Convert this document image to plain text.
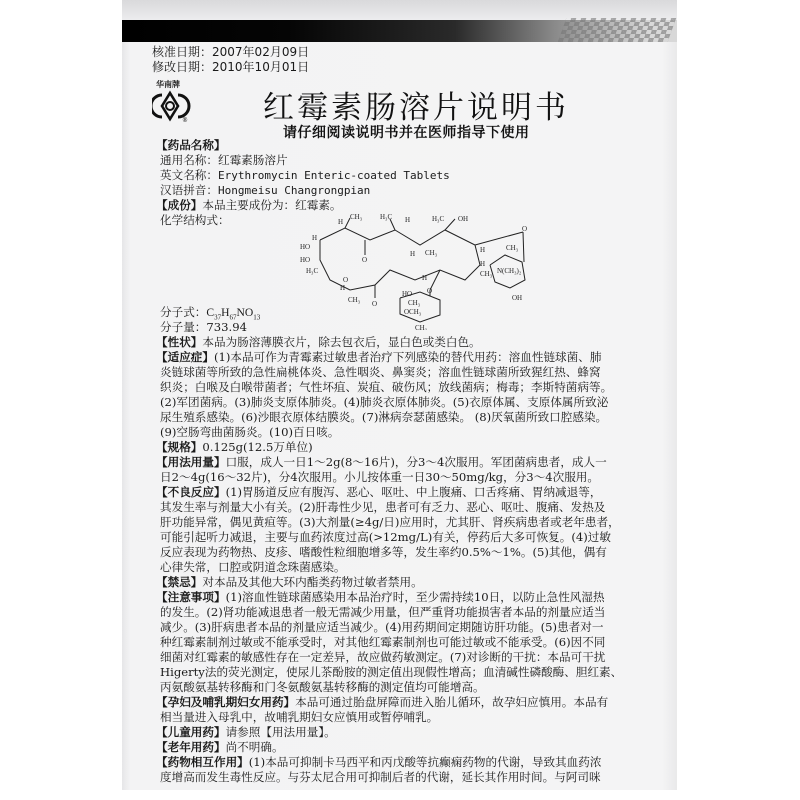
核准日期：2007年02月09日
修改日期：2010年10月01日
华南牌
® 红霉素肠溶片说明书
请仔细阅读说明书并在医师指导下使用
【药品名称】
通用名称：红霉素肠溶片
英文名称：Erythromycin Enteric-coated Tablets
汉语拼音：Hongmeisu Changrongpian
【成份】本品主要成份为：红霉素。
化学结构式：	H
CH₃	H₃C H	H₃C OH
H
HO
HO
H₃C
O
O
O
H
CH₃
H CH₃
H
O
H
H
CH₃
CH₃
N(CH₃)₂
OH
O
HO
CH₃
OCH₃
CH₃
分子式：$C_{37}H_{67}NO_{13}$
分子量：733.94
【性状】本品为肠溶薄膜衣片，除去包衣后，显白色或类白色。
【适应症】(1)本品可作为青霉素过敏患者治疗下列感染的替代用药：溶血性链球菌、肺
炎链球菌等所致的急性扁桃体炎、急性咽炎、鼻窦炎；溶血性链球菌所致猩红热、蜂窝
织炎；白喉及白喉带菌者；气性坏疽、炭疽、破伤风；放线菌病；梅毒；李斯特菌病等。
(2)军团菌病。(3)肺炎支原体肺炎。(4)肺炎衣原体肺炎。(5)衣原体属、支原体属所致泌
尿生殖系感染。(6)沙眼衣原体结膜炎。(7)淋病奈瑟菌感染。 (8)厌氧菌所致口腔感染。
(9)空肠弯曲菌肠炎。(10)百日咳。
【规格】0.125g(12.5万单位)
【用法用量】口服，成人一日1～2g(8～16片)，分3～4次服用。军团菌病患者，成人一
日2～4g(16～32片)，分4次服用。小儿按体重一日30～50mg/kg，分3～4次服用。
【不良反应】(1)胃肠道反应有腹泻、恶心、呕吐、中上腹痛、口舌疼痛、胃纳减退等，
其发生率与剂量大小有关。(2)肝毒性少见，患者可有乏力、恶心、呕吐、腹痛、发热及
肝功能异常，偶见黄疸等。(3)大剂量(≥4g/日)应用时，尤其肝、肾疾病患者或老年患者，
可能引起听力减退，主要与血药浓度过高(>12mg/L)有关，停药后大多可恢复。(4)过敏
反应表现为药物热、皮疹、嗜酸性粒细胞增多等，发生率约0.5%～1%。(5)其他，偶有
心律失常，口腔或阴道念珠菌感染。
【禁忌】对本品及其他大环内酯类药物过敏者禁用。
【注意事项】(1)溶血性链球菌感染用本品治疗时，至少需持续10日，以防止急性风湿热
的发生。(2)肾功能减退患者一般无需减少用量，但严重肾功能损害者本品的剂量应适当
减少。(3)肝病患者本品的剂量应适当减少。(4)用药期间定期随访肝功能。(5)患者对一
种红霉素制剂过敏或不能承受时，对其他红霉素制剂也可能过敏或不能承受。(6)因不同
细菌对红霉素的敏感性存在一定差异，故应做药敏测定。(7)对诊断的干扰：本品可干扰
Higerty法的荧光测定，使尿儿茶酚胺的测定值出现假性增高；血清碱性磷酸酶、胆红素、
丙氨酸氨基转移酶和门冬氨酸氨基转移酶的测定值均可能增高。
【孕妇及哺乳期妇女用药】本品可通过胎盘屏障而进入胎儿循环，故孕妇应慎用。本品有
相当量进入母乳中，故哺乳期妇女应慎用或暂停哺乳。
【儿童用药】请参照【用法用量】。
【老年用药】尚不明确。
【药物相互作用】(1)本品可抑制卡马西平和丙戊酸等抗癫痫药物的代谢，导致其血药浓
度增高而发生毒性反应。与芬太尼合用可抑制后者的代谢，延长其作用时间。与阿司咪
